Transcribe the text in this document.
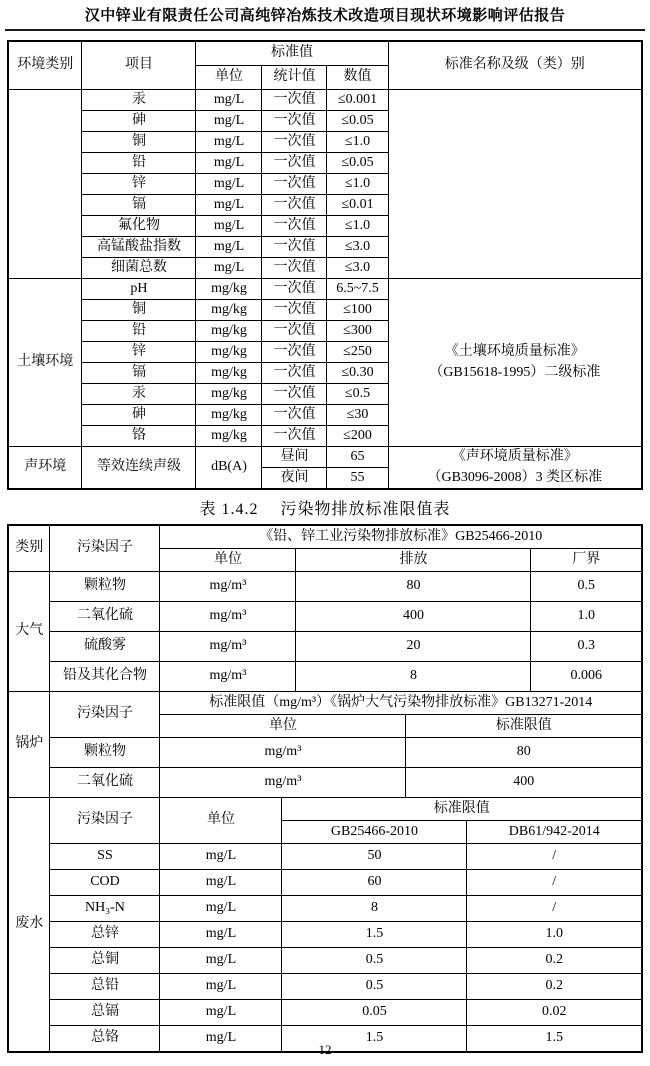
汉中锌业有限责任公司高纯锌冶炼技术改造项目现状环境影响评估报告
环境类别	项目	标准值			标准名称及级（类）别
		单位	统计值	数值	
	汞	mg/L	一次值	≤0.001	
	砷	mg/L	一次值	≤0.05	
	铜	mg/L	一次值	≤1.0	
	铅	mg/L	一次值	≤0.05	
	锌	mg/L	一次值	≤1.0	
	镉	mg/L	一次值	≤0.01	
	氟化物	mg/L	一次值	≤1.0	
	高锰酸盐指数	mg/L	一次值	≤3.0	
	细菌总数	mg/L	一次值	≤3.0	
土壤环境	pH	mg/kg	一次值	6.5~7.5	《土壤环境质量标准》
（GB15618-1995）二级标准

	铜	mg/kg	一次值	≤100	
	铅	mg/kg	一次值	≤300	
	锌	mg/kg	一次值	≤250	
	镉	mg/kg	一次值	≤0.30	
	汞	mg/kg	一次值	≤0.5	
	砷	mg/kg	一次值	≤30	
	铬	mg/kg	一次值	≤200	
声环境	等效连续声级	dB(A)	昼间	65	《声环境质量标准》
（GB3096-2008）3 类区标准

			夜间	55	
表 1.4.2　 污染物排放标准限值表
类别	污染因子	《铅、锌工业污染物排放标准》GB25466-2010					
		单位		排放			厂界
大气	颗粒物	mg/m³		80			0.5
	二氧化硫	mg/m³		400			1.0
	硫酸雾	mg/m³		20			0.3
	铅及其化合物	mg/m³		8			0.006
锅炉	污染因子	标准限值（mg/m³）《锅炉大气污染物排放标准》GB13271-2014					
		单位			标准限值		
	颗粒物	mg/m³			80		
	二氧化硫	mg/m³			400		
废水	污染因子	单位	标准限值				
			GB25466-2010			DB61/942-2014	
	SS	mg/L	50			/	
	COD	mg/L	60			/	
	NH₃-N	mg/L	8			/	
	总锌	mg/L	1.5			1.0	
	总铜	mg/L	0.5			0.2	
	总铅	mg/L	0.5			0.2	
	总镉	mg/L	0.05			0.02	
	总铬	mg/L	1.5			1.5	
12
